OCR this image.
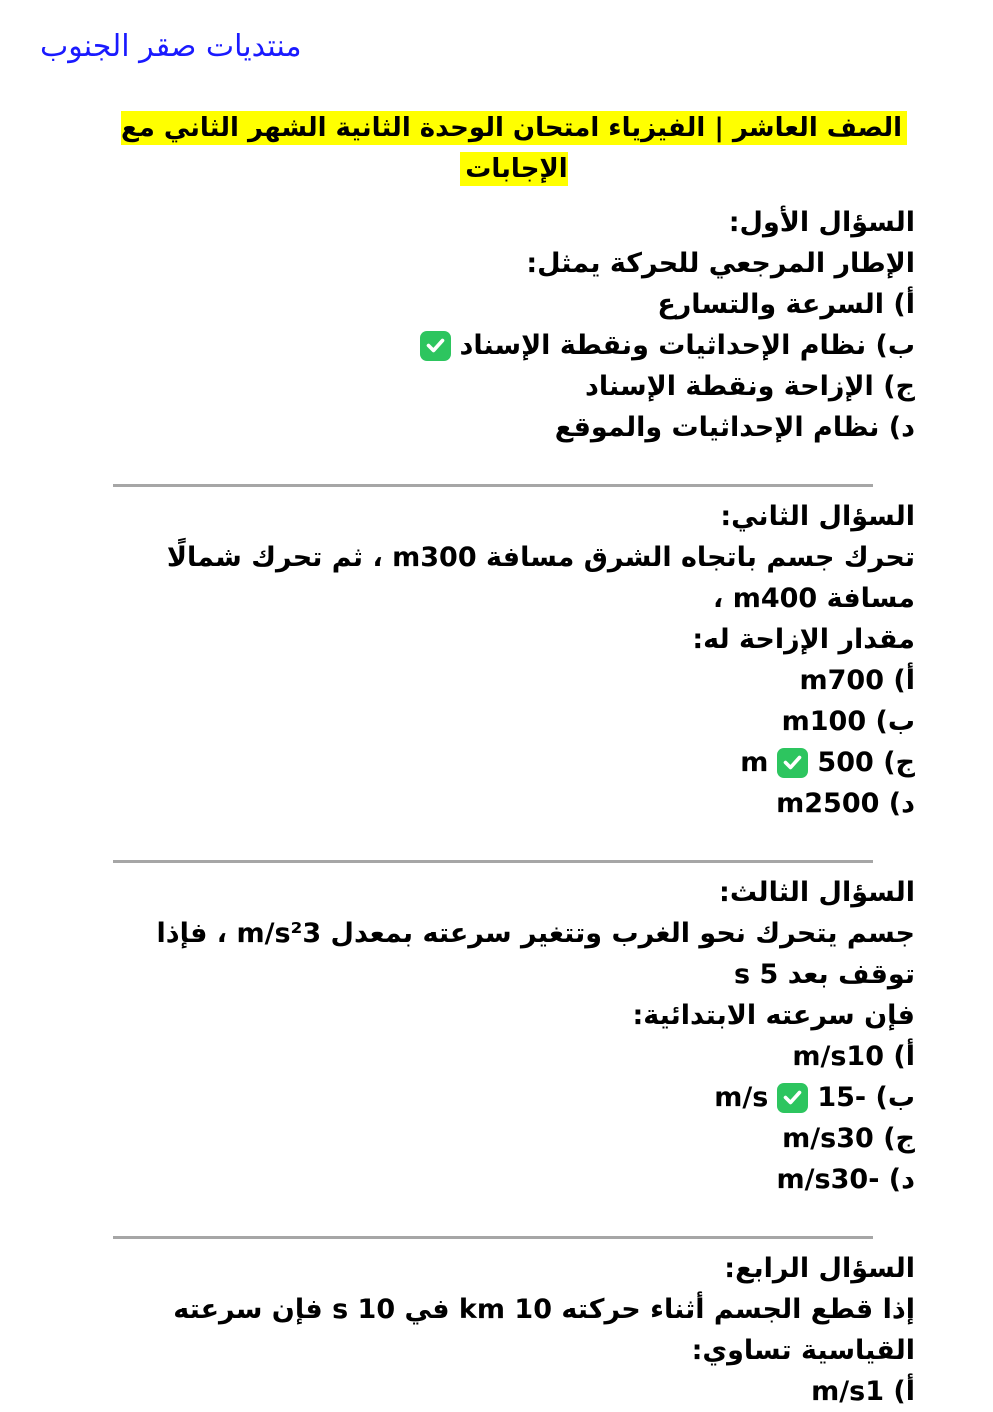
منتديات صقر الجنوب
الصف العاشر | الفيزياء امتحان الوحدة الثانية الشهر الثاني مع الإجابات
السؤال الأول:
الإطار المرجعي للحركة يمثل:
أ) السرعة والتسارع
ب) نظام الإحداثيات ونقطة الإسناد
ج) الإزاحة ونقطة الإسناد
د) نظام الإحداثيات والموقع
السؤال الثاني:
تحرك جسم باتجاه الشرق مسافة m300 ، ثم تحرك شمالًا مسافة m400 ،
مقدار الإزاحة له:
أ) m700
ب) m100
ج) 500
m
د) m2500
السؤال الثالث:
جسم يتحرك نحو الغرب وتتغير سرعته بمعدل m/s²3 ، فإذا توقف بعد 5 s
فإن سرعته الابتدائية:
أ) m/s10
ب) -15
m/s
ج) m/s30
د) -m/s30
السؤال الرابع:
إذا قطع الجسم أثناء حركته 10 km في 10 s فإن سرعته القياسية تساوي:
أ) m/s1
